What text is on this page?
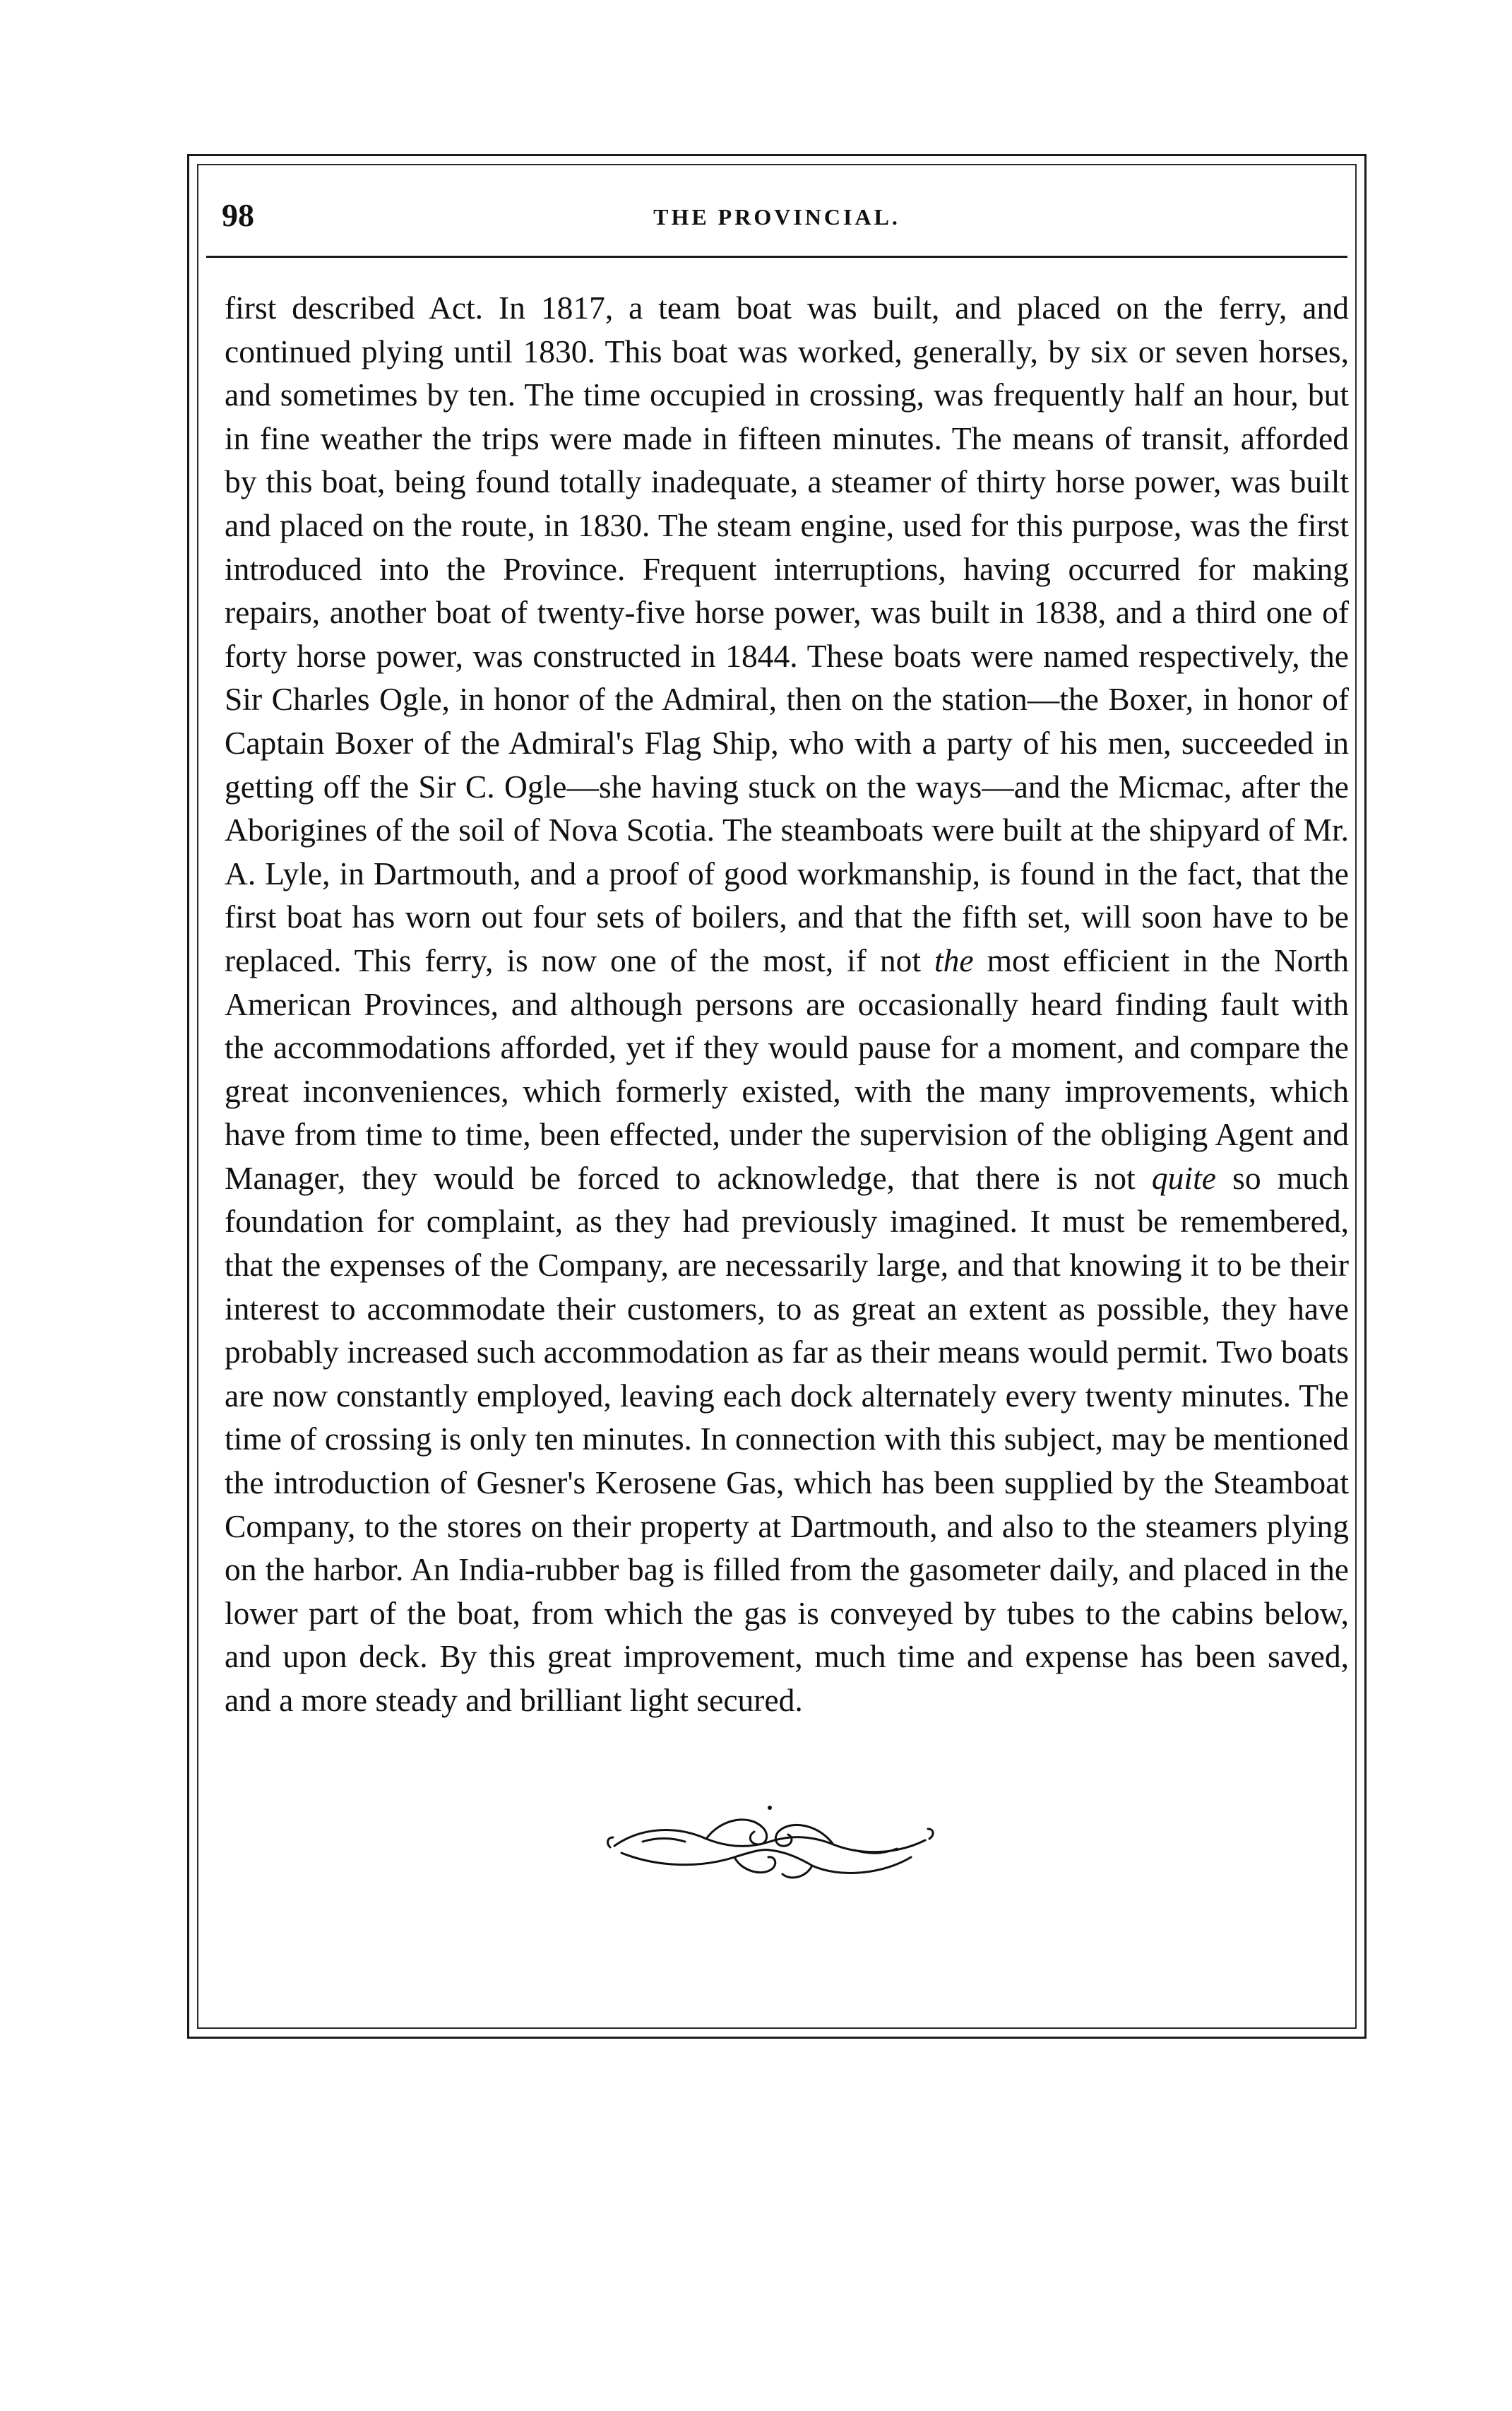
98	THE PROVINCIAL.

first described Act. In 1817, a team boat was built, and placed on the ferry, and continued plying until 1830. This boat was worked, generally, by six or seven horses, and sometimes by ten. The time occupied in crossing, was frequently half an hour, but in fine weather the trips were made in fifteen minutes. The means of transit, afforded by this boat, being found totally inadequate, a steamer of thirty horse power, was built and placed on the route, in 1830. The steam engine, used for this purpose, was the first introduced into the Province. Frequent interruptions, having occurred for making repairs, another boat of twenty-five horse power, was built in 1838, and a third one of forty horse power, was constructed in 1844. These boats were named respectively, the Sir Charles Ogle, in honor of the Admiral, then on the station—the Boxer, in honor of Captain Boxer of the Admiral's Flag Ship, who with a party of his men, succeeded in getting off the Sir C. Ogle—she having stuck on the ways—and the Micmac, after the Aborigines of the soil of Nova Scotia. The steamboats were built at the shipyard of Mr. A. Lyle, in Dartmouth, and a proof of good workmanship, is found in the fact, that the first boat has worn out four sets of boilers, and that the fifth set, will soon have to be replaced. This ferry, is now one of the most, if not the most efficient in the North American Provinces, and although persons are occasionally heard finding fault with the accommodations afforded, yet if they would pause for a moment, and compare the great inconveniences, which formerly existed, with the many improvements, which have from time to time, been effected, under the supervision of the obliging Agent and Manager, they would be forced to acknowledge, that there is not quite so much foundation for complaint, as they had previously imagined. It must be remembered, that the expenses of the Company, are necessarily large, and that knowing it to be their interest to accommodate their customers, to as great an extent as possible, they have probably increased such accommodation as far as their means would permit. Two boats are now constantly employed, leaving each dock alternately every twenty minutes. The time of crossing is only ten minutes. In connection with this subject, may be mentioned the introduction of Gesner's Kerosene Gas, which has been supplied by the Steamboat Company, to the stores on their property at Dartmouth, and also to the steamers plying on the harbor. An India-rubber bag is filled from the gasometer daily, and placed in the lower part of the boat, from which the gas is conveyed by tubes to the cabins below, and upon deck. By this great improvement, much time and expense has been saved, and a more steady and brilliant light secured.
